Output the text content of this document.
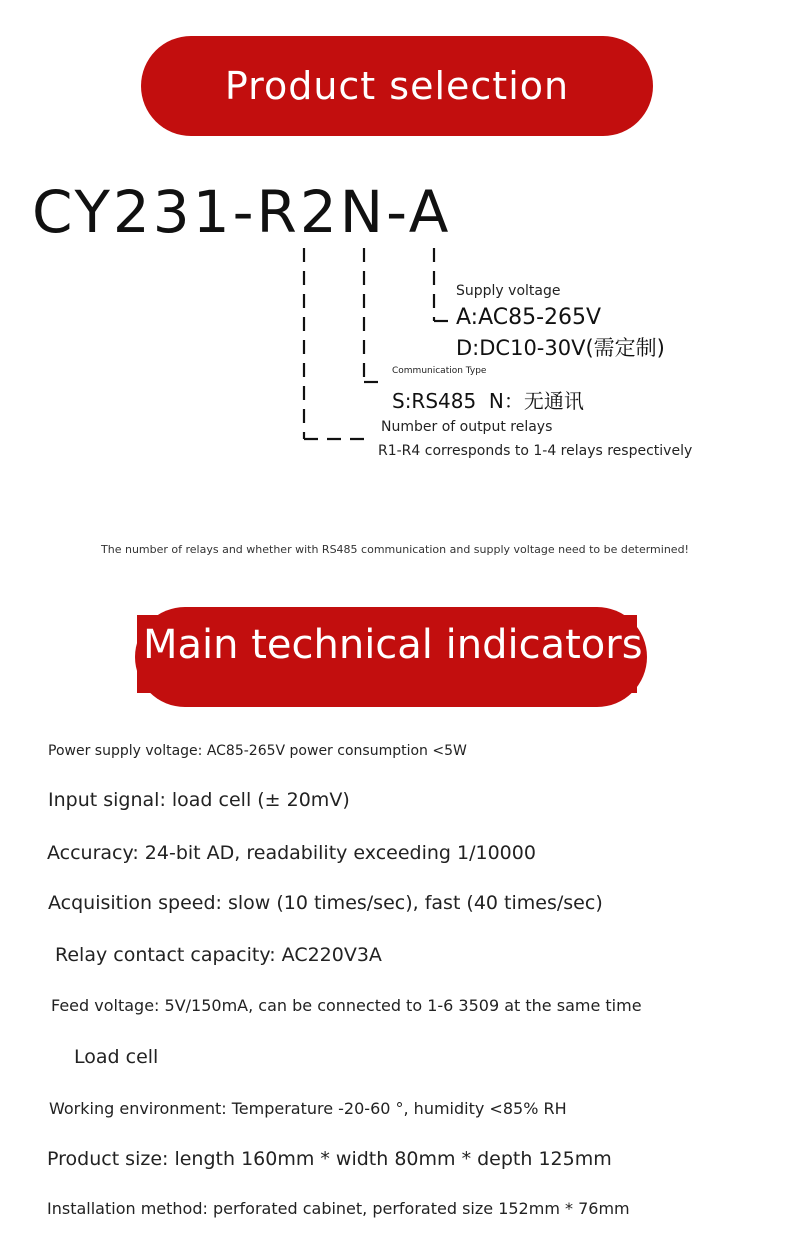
Product selection
CY231-R2N-A
Supply voltage
A:AC85-265V
D:DC10-30V(需定制)
Communication Type
S:RS485  N：无通讯
Number of output relays
R1-R4 corresponds to 1-4 relays respectively
The number of relays and whether with RS485 communication and supply voltage need to be determined!
Main technical indicators
Power supply voltage: AC85-265V power consumption <5W
Input signal: load cell (± 20mV)
Accuracy: 24-bit AD, readability exceeding 1/10000
Acquisition speed: slow (10 times/sec), fast (40 times/sec)
Relay contact capacity: AC220V3A
Feed voltage: 5V/150mA, can be connected to 1-6 3509 at the same time
Load cell
Working environment: Temperature -20-60 °, humidity <85% RH
Product size: length 160mm * width 80mm * depth 125mm
Installation method: perforated cabinet, perforated size 152mm * 76mm
